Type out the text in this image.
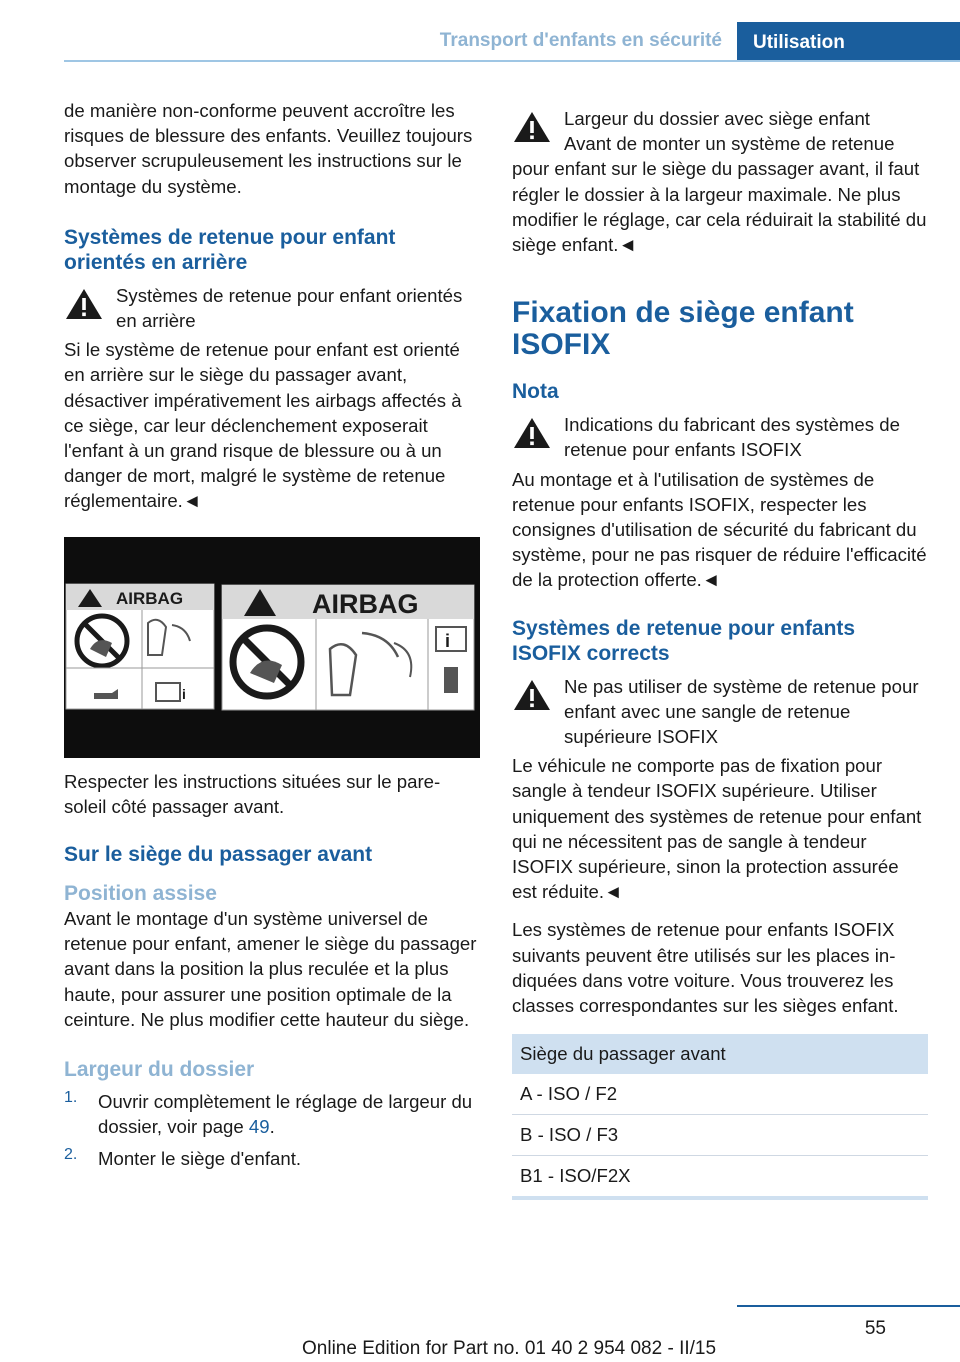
Transport d'enfants en sécurité	Utilisation

de manière non-conforme peuvent accroître les risques de blessure des enfants. Veuillez toujours observer scrupuleusement les instructions sur le montage du système.

Systèmes de retenue pour enfant orientés en arrière

Systèmes de retenue pour enfant orientés en arrière

Si le système de retenue pour enfant est orienté en arrière sur le siège du passager avant, désactiver impérativement les airbags affectés à ce siège, car leur déclenchement exposerait l'enfant à un grand risque de blessure ou à un danger de mort, malgré le système de retenue réglementaire.◄

AIRBAG
i
AIRBAG
i

Respecter les instructions situées sur le pare-soleil côté passager avant.

Sur le siège du passager avant

Position assise

Avant le montage d'un système universel de retenue pour enfant, amener le siège du passager avant dans la position la plus reculée et la plus haute, pour assurer une position optimale de la ceinture. Ne plus modifier cette hauteur du siège.

Largeur du dossier

1. Ouvrir complètement le réglage de largeur du dossier, voir page 49.

2. Monter le siège d'enfant.

Largeur du dossier avec siège enfant

Avant de monter un système de retenue pour enfant sur le siège du passager avant, il faut régler le dossier à la largeur maximale. Ne plus modifier le réglage, car cela réduirait la stabilité du siège enfant.◄

Fixation de siège enfant ISOFIX

Nota

Indications du fabricant des systèmes de retenue pour enfants ISOFIX

Au montage et à l'utilisation de systèmes de retenue pour enfants ISOFIX, respecter les consignes d'utilisation de sécurité du fabricant du système, pour ne pas risquer de réduire l'efficacité de la protection offerte.◄

Systèmes de retenue pour enfants ISOFIX corrects

Ne pas utiliser de système de retenue pour enfant avec une sangle de retenue supérieure ISOFIX

Le véhicule ne comporte pas de fixation pour sangle à tendeur ISOFIX supérieure. Utiliser uniquement des systèmes de retenue pour enfant qui ne nécessitent pas de sangle à tendeur ISOFIX supérieure, sinon la protection assurée est réduite.◄

Les systèmes de retenue pour enfants ISOFIX suivants peuvent être utilisés sur les places indiquées dans votre voiture. Vous trouverez les classes correspondantes sur les sièges enfant.

Siège du passager avant
A - ISO / F2
B - ISO / F3
B1 - ISO/F2X
55
Online Edition for Part no. 01 40 2 954 082 - II/15
